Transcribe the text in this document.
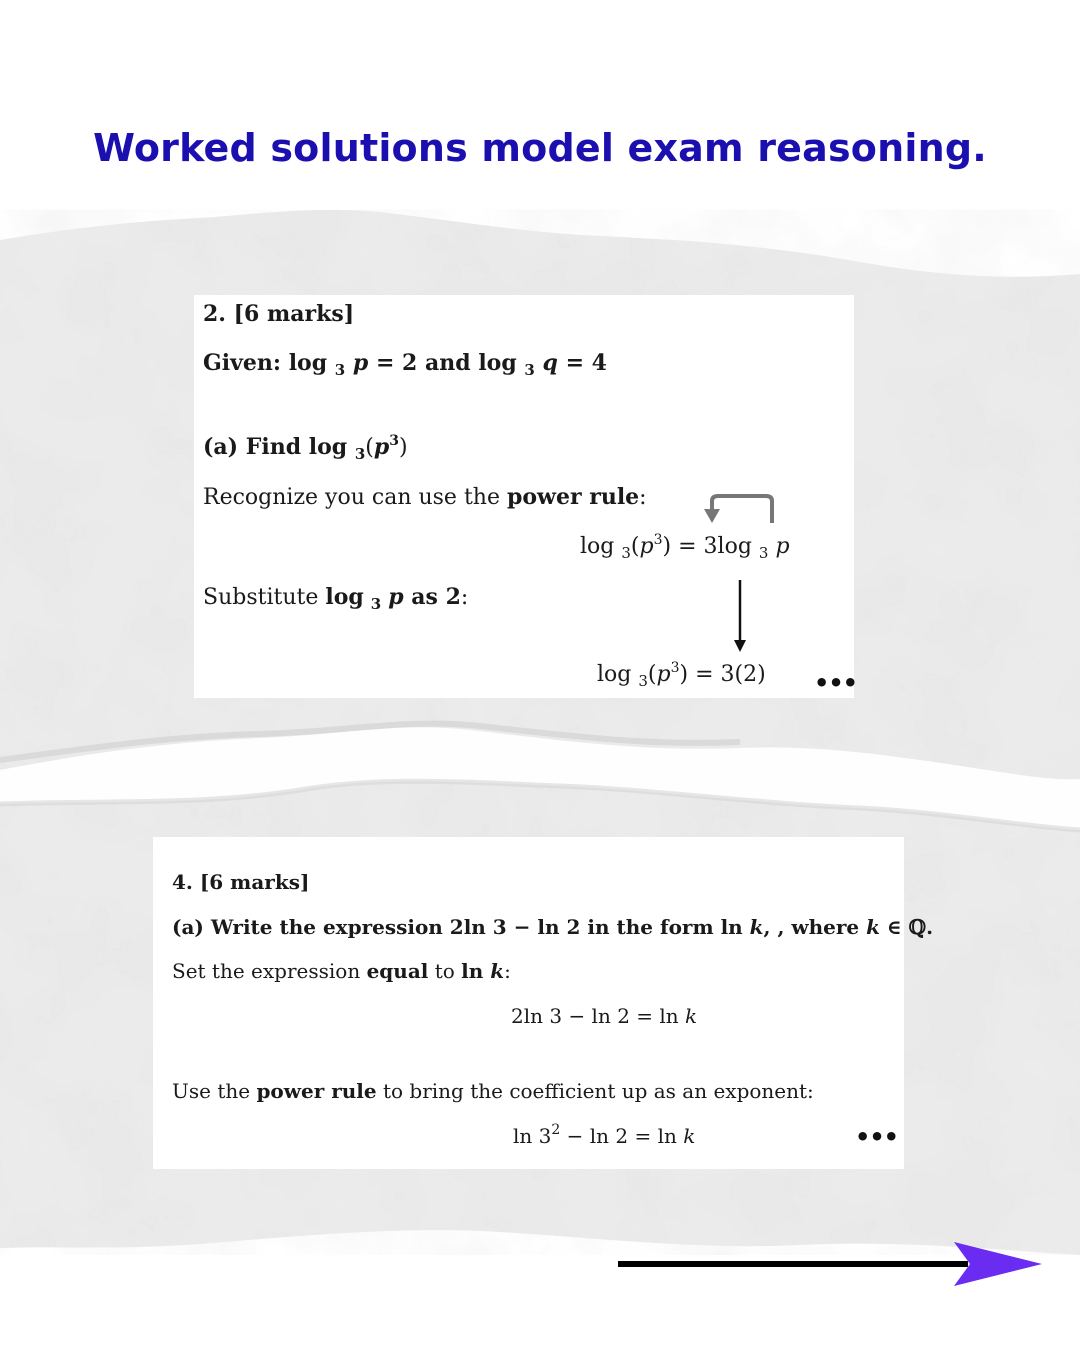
Worked solutions model exam reasoning.
2. [6 marks]
Given: log $_3$ p = 2 and log $_3$ q = 4
(a) Find $\log _3(p^3)$
Recognize you can use the power rule:
$\log _3(p^3) = 3\log$ $_3$ p
Substitute log $_3$ p as 2:
$\log _3(p^3) = 3(2)$ •••
4. [6 marks]
(a) Write the expression 2ln 3 − ln 2 in the form ln k, , where k ∈ ℚ.
Set the expression equal to ln k:
2ln 3 − ln 2 = ln k
Use the power rule to bring the coefficient up as an exponent:
$\ln 3^2 - \ln 2 = \ln k$	•••
